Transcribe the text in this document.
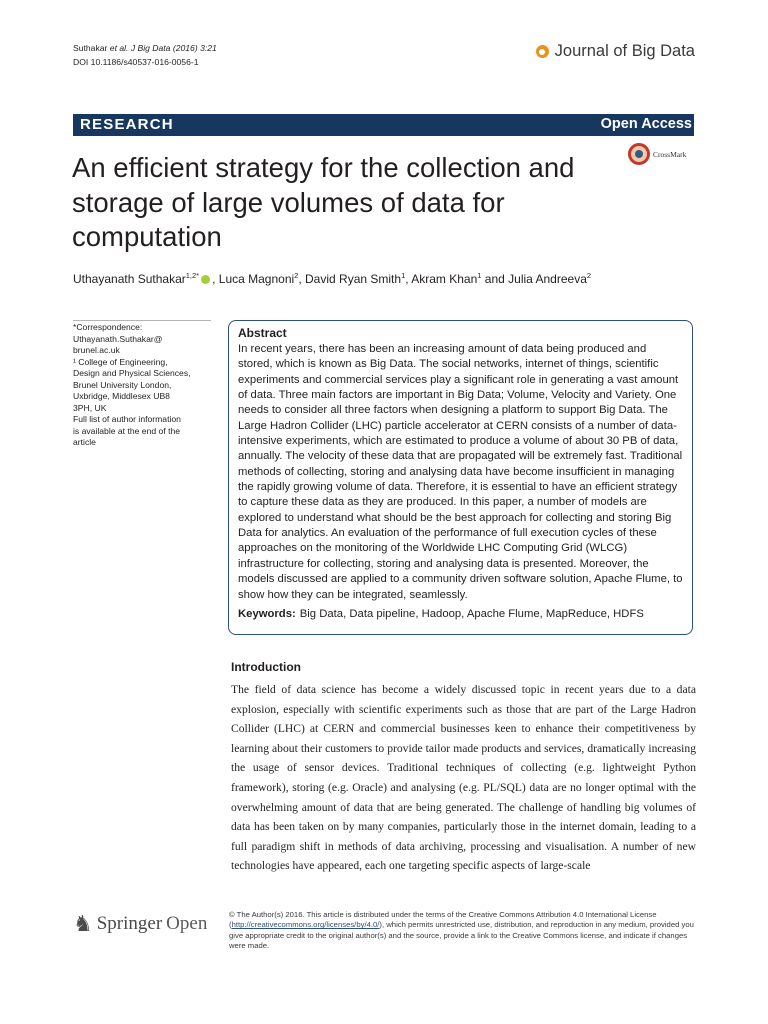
Suthakar et al. J Big Data (2016) 3:21
DOI 10.1186/s40537-016-0056-1
Journal of Big Data
RESEARCH	Open Access
CrossMark
An efficient strategy for the collection and storage of large volumes of data for computation
Uthayanath Suthakar$^{1,2*}$ , Luca Magnoni$^2$, David Ryan Smith$^1$, Akram Khan$^1$ and Julia Andreeva$^2$
*Correspondence:
Uthayanath.Suthakar@
brunel.ac.uk
¹ College of Engineering,
Design and Physical Sciences,
Brunel University London,
Uxbridge, Middlesex UB8
3PH, UK
Full list of author information
is available at the end of the
article
Abstract
In recent years, there has been an increasing amount of data being produced and stored, which is known as Big Data. The social networks, internet of things, scientific experiments and commercial services play a significant role in generating a vast amount of data. Three main factors are important in Big Data; Volume, Velocity and Variety. One needs to consider all three factors when designing a platform to support Big Data. The Large Hadron Collider (LHC) particle accelerator at CERN consists of a number of data-intensive experiments, which are estimated to produce a volume of about 30 PB of data, annually. The velocity of these data that are propagated will be extremely fast. Traditional methods of collecting, storing and analysing data have become insufficient in managing the rapidly growing volume of data. Therefore, it is essential to have an efficient strategy to capture these data as they are produced. In this paper, a number of models are explored to understand what should be the best approach for collecting and storing Big Data for analytics. An evaluation of the performance of full execution cycles of these approaches on the monitoring of the Worldwide LHC Computing Grid (WLCG) infrastructure for collecting, storing and analysing data is presented. Moreover, the models discussed are applied to a community driven software solution, Apache Flume, to show how they can be integrated, seamlessly.
Keywords: Big Data, Data pipeline, Hadoop, Apache Flume, MapReduce, HDFS
Introduction
The field of data science has become a widely discussed topic in recent years due to a data explosion, especially with scientific experiments such as those that are part of the Large Hadron Collider (LHC) at CERN and commercial businesses keen to enhance their competitiveness by learning about their customers to provide tailor made products and services, dramatically increasing the usage of sensor devices. Traditional techniques of collecting (e.g. lightweight Python framework), storing (e.g. Oracle) and analysing (e.g. PL/SQL) data are no longer optimal with the overwhelming amount of data that are being generated. The challenge of handling big volumes of data has been taken on by many companies, particularly those in the internet domain, leading to a full paradigm shift in methods of data archiving, processing and visualisation. A number of new technologies have appeared, each one targeting specific aspects of large-scale
♞ Springer Open	© The Author(s) 2016. This article is distributed under the terms of the Creative Commons Attribution 4.0 International License (http://creativecommons.org/licenses/by/4.0/), which permits unrestricted use, distribution, and reproduction in any medium, provided you give appropriate credit to the original author(s) and the source, provide a link to the Creative Commons license, and indicate if changes were made.
